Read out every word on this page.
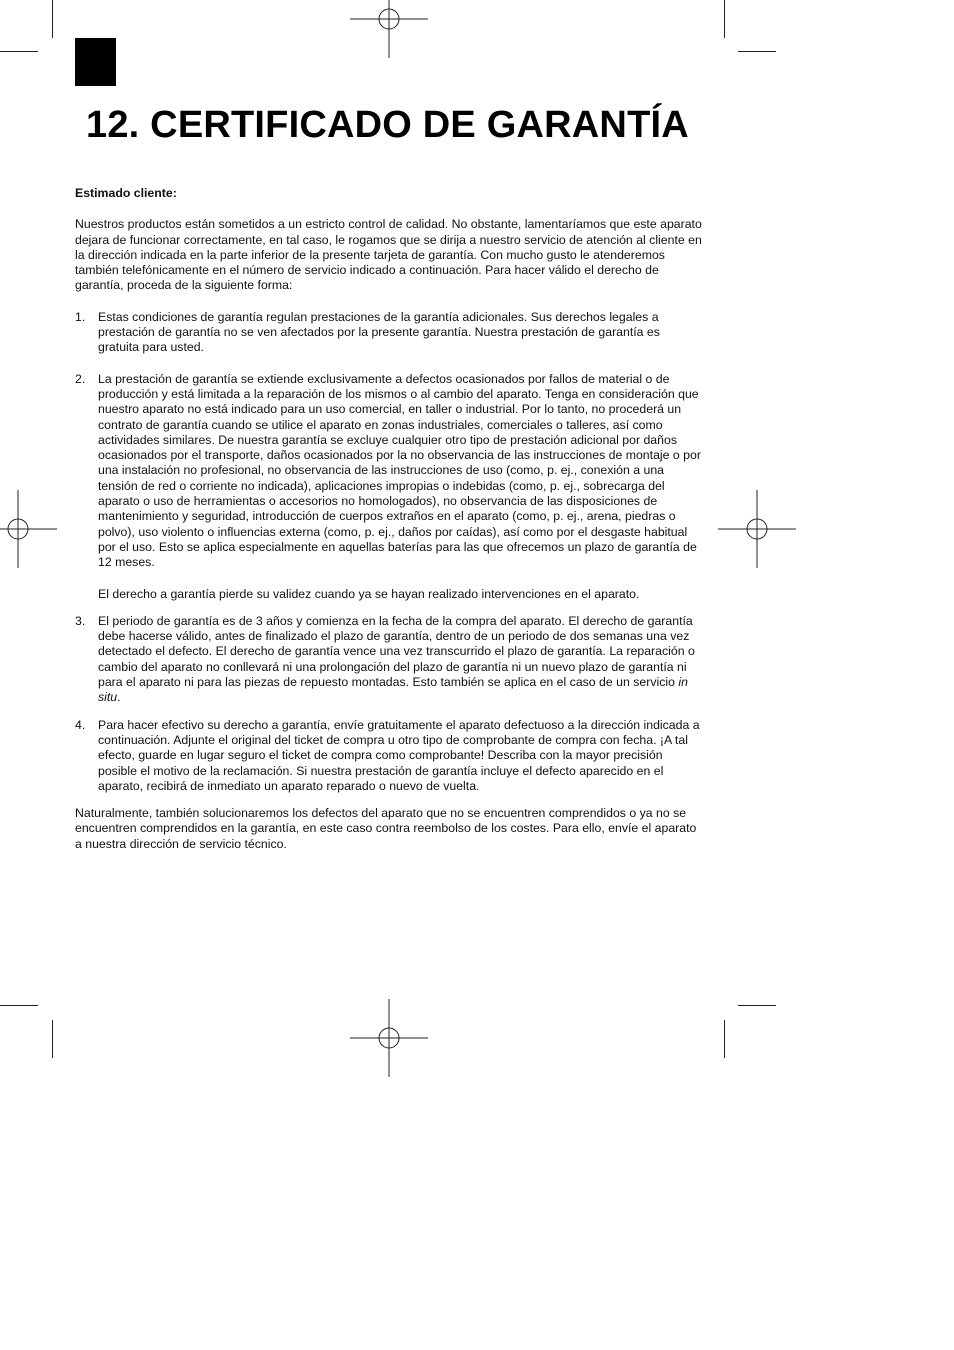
12. CERTIFICADO DE GARANTÍA

Estimado cliente:

Nuestros productos están sometidos a un estricto control de calidad. No obstante, lamentaríamos que este aparato dejara de funcionar correctamente, en tal caso, le rogamos que se dirija a nuestro servicio de atención al cliente en la dirección indicada en la parte inferior de la presente tarjeta de garantía. Con mucho gusto le atenderemos también telefónicamente en el número de servicio indicado a continuación. Para hacer válido el derecho de garantía, proceda de la siguiente forma:

1. Estas condiciones de garantía regulan prestaciones de la garantía adicionales. Sus derechos legales a prestación de garantía no se ven afectados por la presente garantía. Nuestra prestación de garantía es gratuita para usted.

2. La prestación de garantía se extiende exclusivamente a defectos ocasionados por fallos de material o de producción y está limitada a la reparación de los mismos o al cambio del aparato. Tenga en consideración que nuestro aparato no está indicado para un uso comercial, en taller o industrial. Por lo tanto, no procederá un contrato de garantía cuando se utilice el aparato en zonas industriales, comerciales o talleres, así como actividades similares. De nuestra garantía se excluye cualquier otro tipo de prestación adicional por daños ocasionados por el transporte, daños ocasionados por la no observancia de las instrucciones de montaje o por una instalación no profesional, no observancia de las instrucciones de uso (como, p. ej., conexión a una tensión de red o corriente no indicada), aplicaciones impropias o indebidas (como, p. ej., sobrecarga del aparato o uso de herramientas o accesorios no homologados), no observancia de las disposiciones de mantenimiento y seguridad, introducción de cuerpos extraños en el aparato (como, p. ej., arena, piedras o polvo), uso violento o influencias externa (como, p. ej., daños por caídas), así como por el desgaste habitual por el uso. Esto se aplica especialmente en aquellas baterías para las que ofrecemos un plazo de garantía de 12 meses.

El derecho a garantía pierde su validez cuando ya se hayan realizado intervenciones en el aparato.

3. El periodo de garantía es de 3 años y comienza en la fecha de la compra del aparato. El derecho de garantía debe hacerse válido, antes de finalizado el plazo de garantía, dentro de un periodo de dos semanas una vez detectado el defecto. El derecho de garantía vence una vez transcurrido el plazo de garantía. La reparación o cambio del aparato no conllevará ni una prolongación del plazo de garantía ni un nuevo plazo de garantía ni para el aparato ni para las piezas de repuesto montadas. Esto también se aplica en el caso de un servicio in situ.

4. Para hacer efectivo su derecho a garantía, envíe gratuitamente el aparato defectuoso a la dirección indicada a continuación. Adjunte el original del ticket de compra u otro tipo de comprobante de compra con fecha. ¡A tal efecto, guarde en lugar seguro el ticket de compra como comprobante! Describa con la mayor precisión posible el motivo de la reclamación. Si nuestra prestación de garantía incluye el defecto aparecido en el aparato, recibirá de inmediato un aparato reparado o nuevo de vuelta.

Naturalmente, también solucionaremos los defectos del aparato que no se encuentren comprendidos o ya no se encuentren comprendidos en la garantía, en este caso contra reembolso de los costes. Para ello, envíe el aparato a nuestra dirección de servicio técnico.
